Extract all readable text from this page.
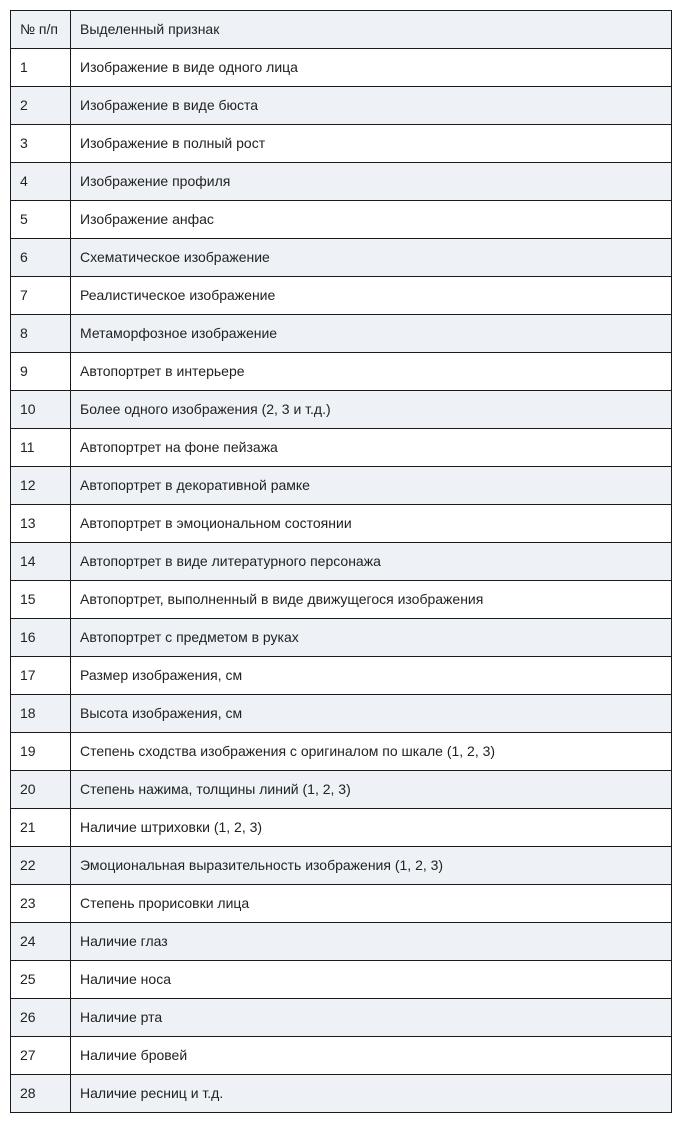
№ п/п	Выделенный признак
1	Изображение в виде одного лица
2	Изображение в виде бюста
3	Изображение в полный рост
4	Изображение профиля
5	Изображение анфас
6	Схематическое изображение
7	Реалистическое изображение
8	Метаморфозное изображение
9	Автопортрет в интерьере
10	Более одного изображения (2, 3 и т.д.)
11	Автопортрет на фоне пейзажа
12	Автопортрет в декоративной рамке
13	Автопортрет в эмоциональном состоянии
14	Автопортрет в виде литературного персонажа
15	Автопортрет, выполненный в виде движущегося изображения
16	Автопортрет с предметом в руках
17	Размер изображения, см
18	Высота изображения, см
19	Степень сходства изображения с оригиналом по шкале (1, 2, 3)
20	Степень нажима, толщины линий (1, 2, 3)
21	Наличие штриховки (1, 2, 3)
22	Эмоциональная выразительность изображения (1, 2, 3)
23	Степень прорисовки лица
24	Наличие глаз
25	Наличие носа
26	Наличие рта
27	Наличие бровей
28	Наличие ресниц и т.д.
